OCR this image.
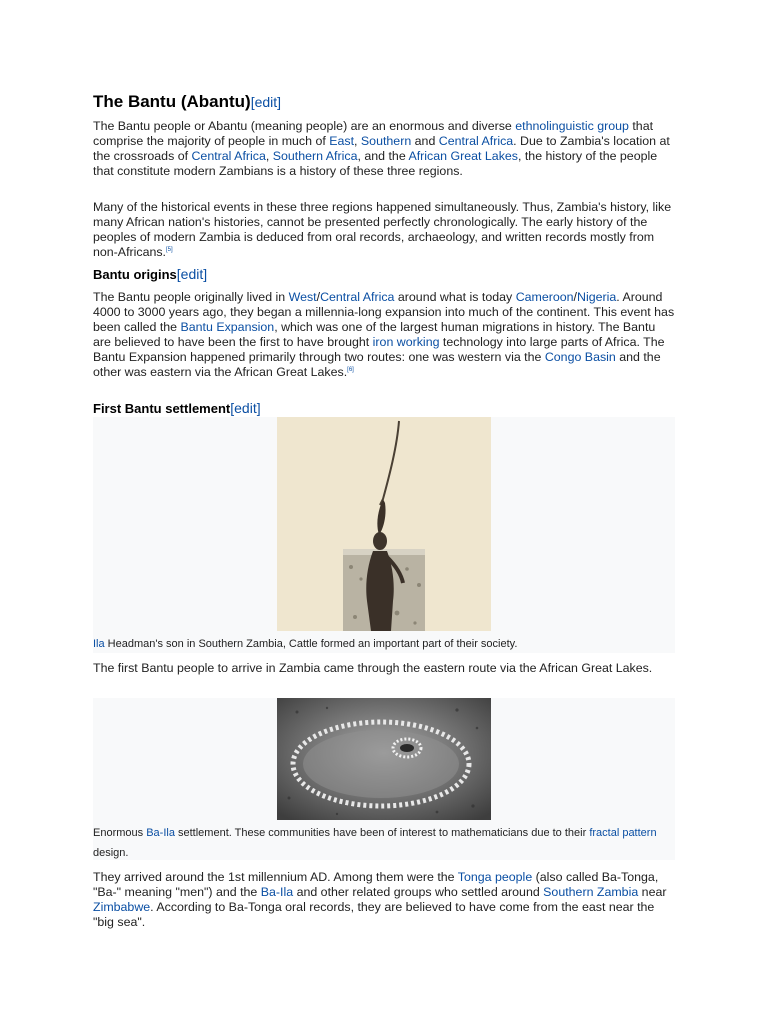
The Bantu (Abantu)[edit]

The Bantu people or Abantu (meaning people) are an enormous and diverse ethnolinguistic group that comprise the majority of people in much of East, Southern and Central Africa. Due to Zambia's location at the crossroads of Central Africa, Southern Africa, and the African Great Lakes, the history of the people that constitute modern Zambians is a history of these three regions.

Many of the historical events in these three regions happened simultaneously. Thus, Zambia's history, like many African nation's histories, cannot be presented perfectly chronologically. The early history of the peoples of modern Zambia is deduced from oral records, archaeology, and written records mostly from non-Africans.[5]

Bantu origins[edit]

The Bantu people originally lived in West/Central Africa around what is today Cameroon/Nigeria. Around 4000 to 3000 years ago, they began a millennia-long expansion into much of the continent. This event has been called the Bantu Expansion, which was one of the largest human migrations in history. The Bantu are believed to have been the first to have brought iron working technology into large parts of Africa. The Bantu Expansion happened primarily through two routes: one was western via the Congo Basin and the other was eastern via the African Great Lakes.[6]

First Bantu settlement[edit]
Ila Headman's son in Southern Zambia, Cattle formed an important part of their society.

The first Bantu people to arrive in Zambia came through the eastern route via the African Great Lakes.

Enormous Ba-Ila settlement. These communities have been of interest to mathematicians due to their fractal pattern design.

They arrived around the 1st millennium AD. Among them were the Tonga people (also called Ba-Tonga, "Ba-" meaning "men") and the Ba-Ila and other related groups who settled around Southern Zambia near Zimbabwe. According to Ba-Tonga oral records, they are believed to have come from the east near the "big sea".
